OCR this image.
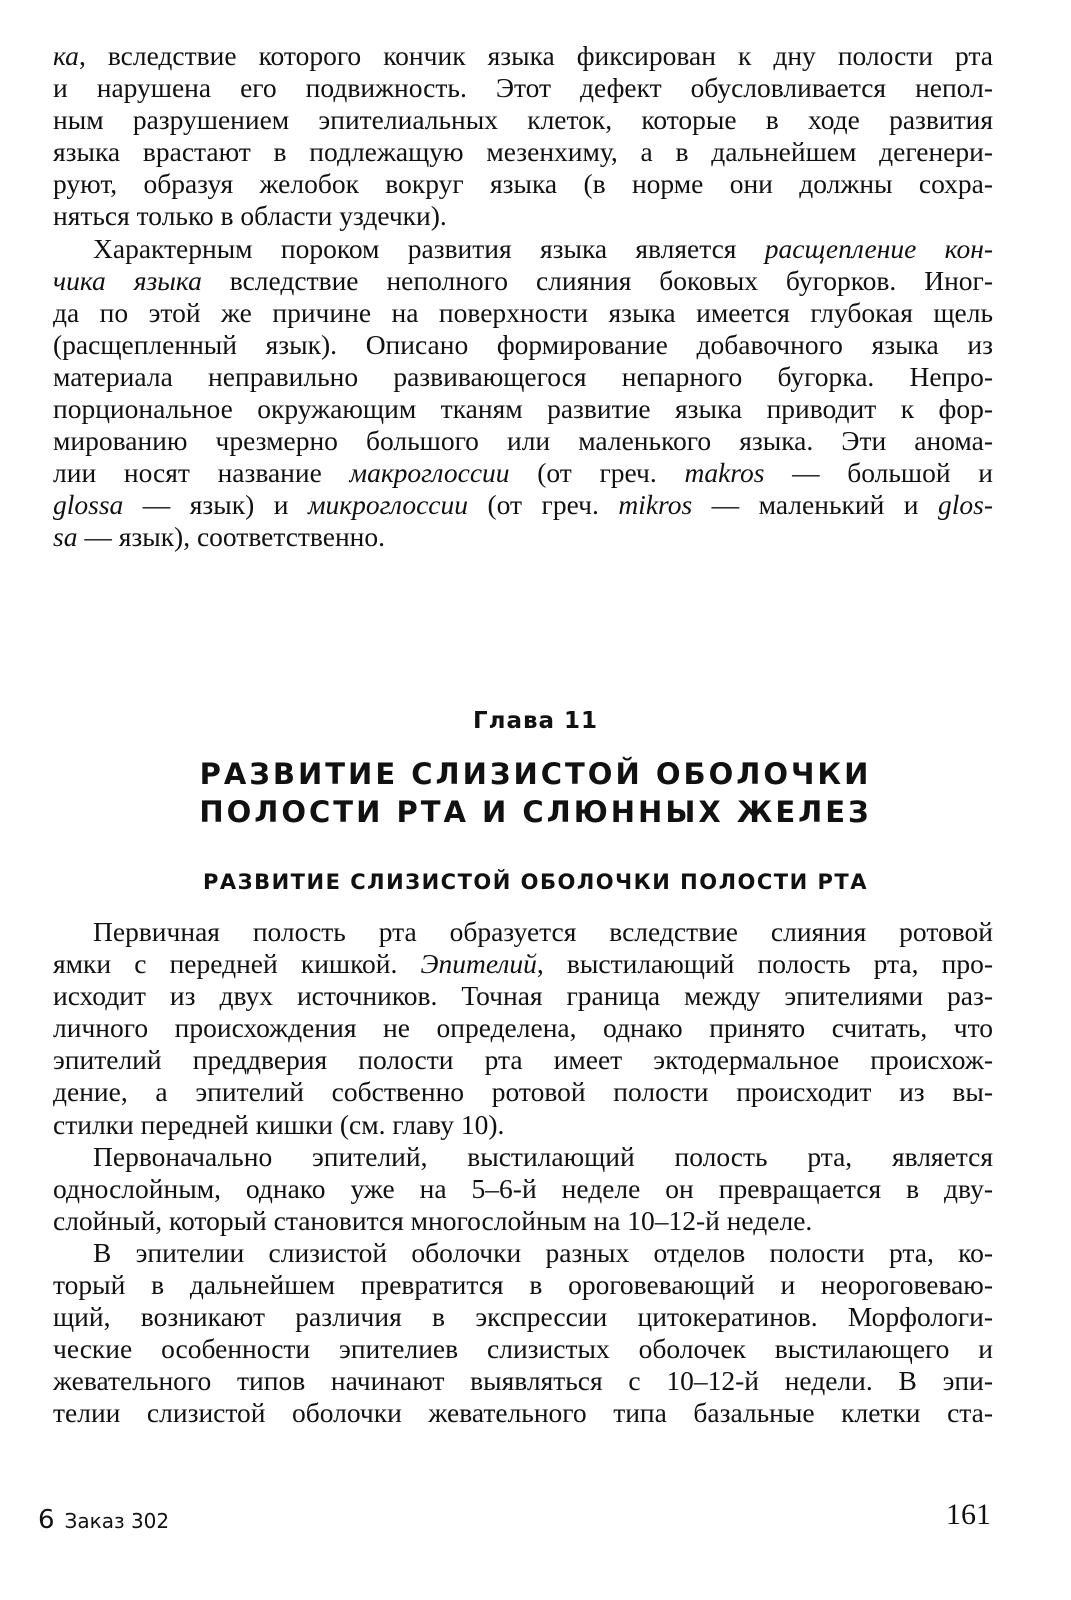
ка, вследствие которого кончик языка фиксирован к дну полости рта
и нарушена его подвижность. Этот дефект обусловливается непол-
ным разрушением эпителиальных клеток, которые в ходе развития
языка врастают в подлежащую мезенхиму, а в дальнейшем дегенери-
руют, образуя желобок вокруг языка (в норме они должны сохра-
няться только в области уздечки).
Характерным пороком развития языка является расщепление кон-
чика языка вследствие неполного слияния боковых бугорков. Иног-
да по этой же причине на поверхности языка имеется глубокая щель
(расщепленный язык). Описано формирование добавочного языка из
материала неправильно развивающегося непарного бугорка. Непро-
порциональное окружающим тканям развитие языка приводит к фор-
мированию чрезмерно большого или маленького языка. Эти анома-
лии носят название макроглоссии (от греч. makros — большой и
glossa — язык) и микроглоссии (от греч. mikros — маленький и glos-
sa — язык), соответственно.
Глава 11
РАЗВИТИЕ СЛИЗИСТОЙ ОБОЛОЧКИ
ПОЛОСТИ РТА И СЛЮННЫХ ЖЕЛЕЗ
РАЗВИТИЕ СЛИЗИСТОЙ ОБОЛОЧКИ ПОЛОСТИ РТА
Первичная полость рта образуется вследствие слияния ротовой
ямки с передней кишкой. Эпителий, выстилающий полость рта, про-
исходит из двух источников. Точная граница между эпителиями раз-
личного происхождения не определена, однако принято считать, что
эпителий преддверия полости рта имеет эктодермальное происхож-
дение, а эпителий собственно ротовой полости происходит из вы-
стилки передней кишки (см. главу 10).
Первоначально эпителий, выстилающий полость рта, является
однослойным, однако уже на 5–6-й неделе он превращается в дву-
слойный, который становится многослойным на 10–12-й неделе.
В эпителии слизистой оболочки разных отделов полости рта, ко-
торый в дальнейшем превратится в ороговевающий и неороговеваю-
щий, возникают различия в экспрессии цитокератинов. Морфологи-
ческие особенности эпителиев слизистых оболочек выстилающего и
жевательного типов начинают выявляться с 10–12-й недели. В эпи-
телии слизистой оболочки жевательного типа базальные клетки ста-
6 Заказ 302	161
